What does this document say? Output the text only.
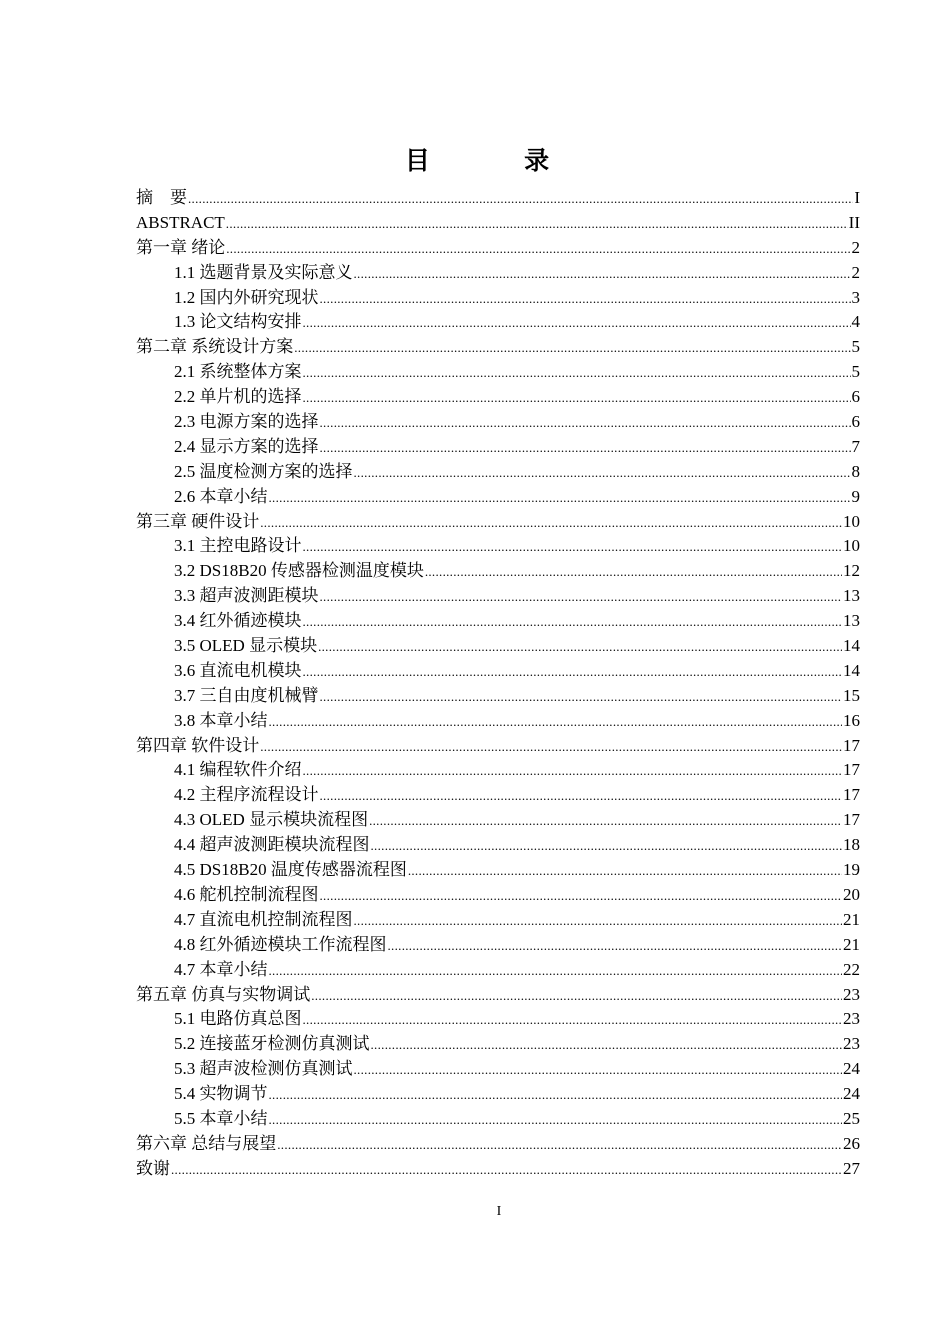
目 录
摘　要 .....	I
ABSTRACT .....	II
第一章 绪论 .....	2
1.1 选题背景及实际意义 .....	2
1.2 国内外研究现状 .....	3
1.3 论文结构安排 .....	4
第二章 系统设计方案 .....	5
2.1 系统整体方案 .....	5
2.2 单片机的选择 .....	6
2.3 电源方案的选择 .....	6
2.4 显示方案的选择 .....	7
2.5 温度检测方案的选择 .....	8
2.6 本章小结 .....	9
第三章 硬件设计 .....	10
3.1 主控电路设计 .....	10
3.2 DS18B20 传感器检测温度模块 .....	12
3.3 超声波测距模块 .....	13
3.4 红外循迹模块 .....	13
3.5 OLED 显示模块 .....	14
3.6 直流电机模块 .....	14
3.7 三自由度机械臂 .....	15
3.8 本章小结 .....	16
第四章 软件设计 .....	17
4.1 编程软件介绍 .....	17
4.2 主程序流程设计 .....	17
4.3 OLED 显示模块流程图 .....	17
4.4 超声波测距模块流程图 .....	18
4.5 DS18B20 温度传感器流程图 .....	19
4.6 舵机控制流程图 .....	20
4.7 直流电机控制流程图 .....	21
4.8 红外循迹模块工作流程图 .....	21
4.7 本章小结 .....	22
第五章 仿真与实物调试 .....	23
5.1 电路仿真总图 .....	23
5.2 连接蓝牙检测仿真测试 .....	23
5.3 超声波检测仿真测试 .....	24
5.4 实物调节 .....	24
5.5 本章小结 .....	25
第六章 总结与展望 .....	26
致谢 .....	27
I
